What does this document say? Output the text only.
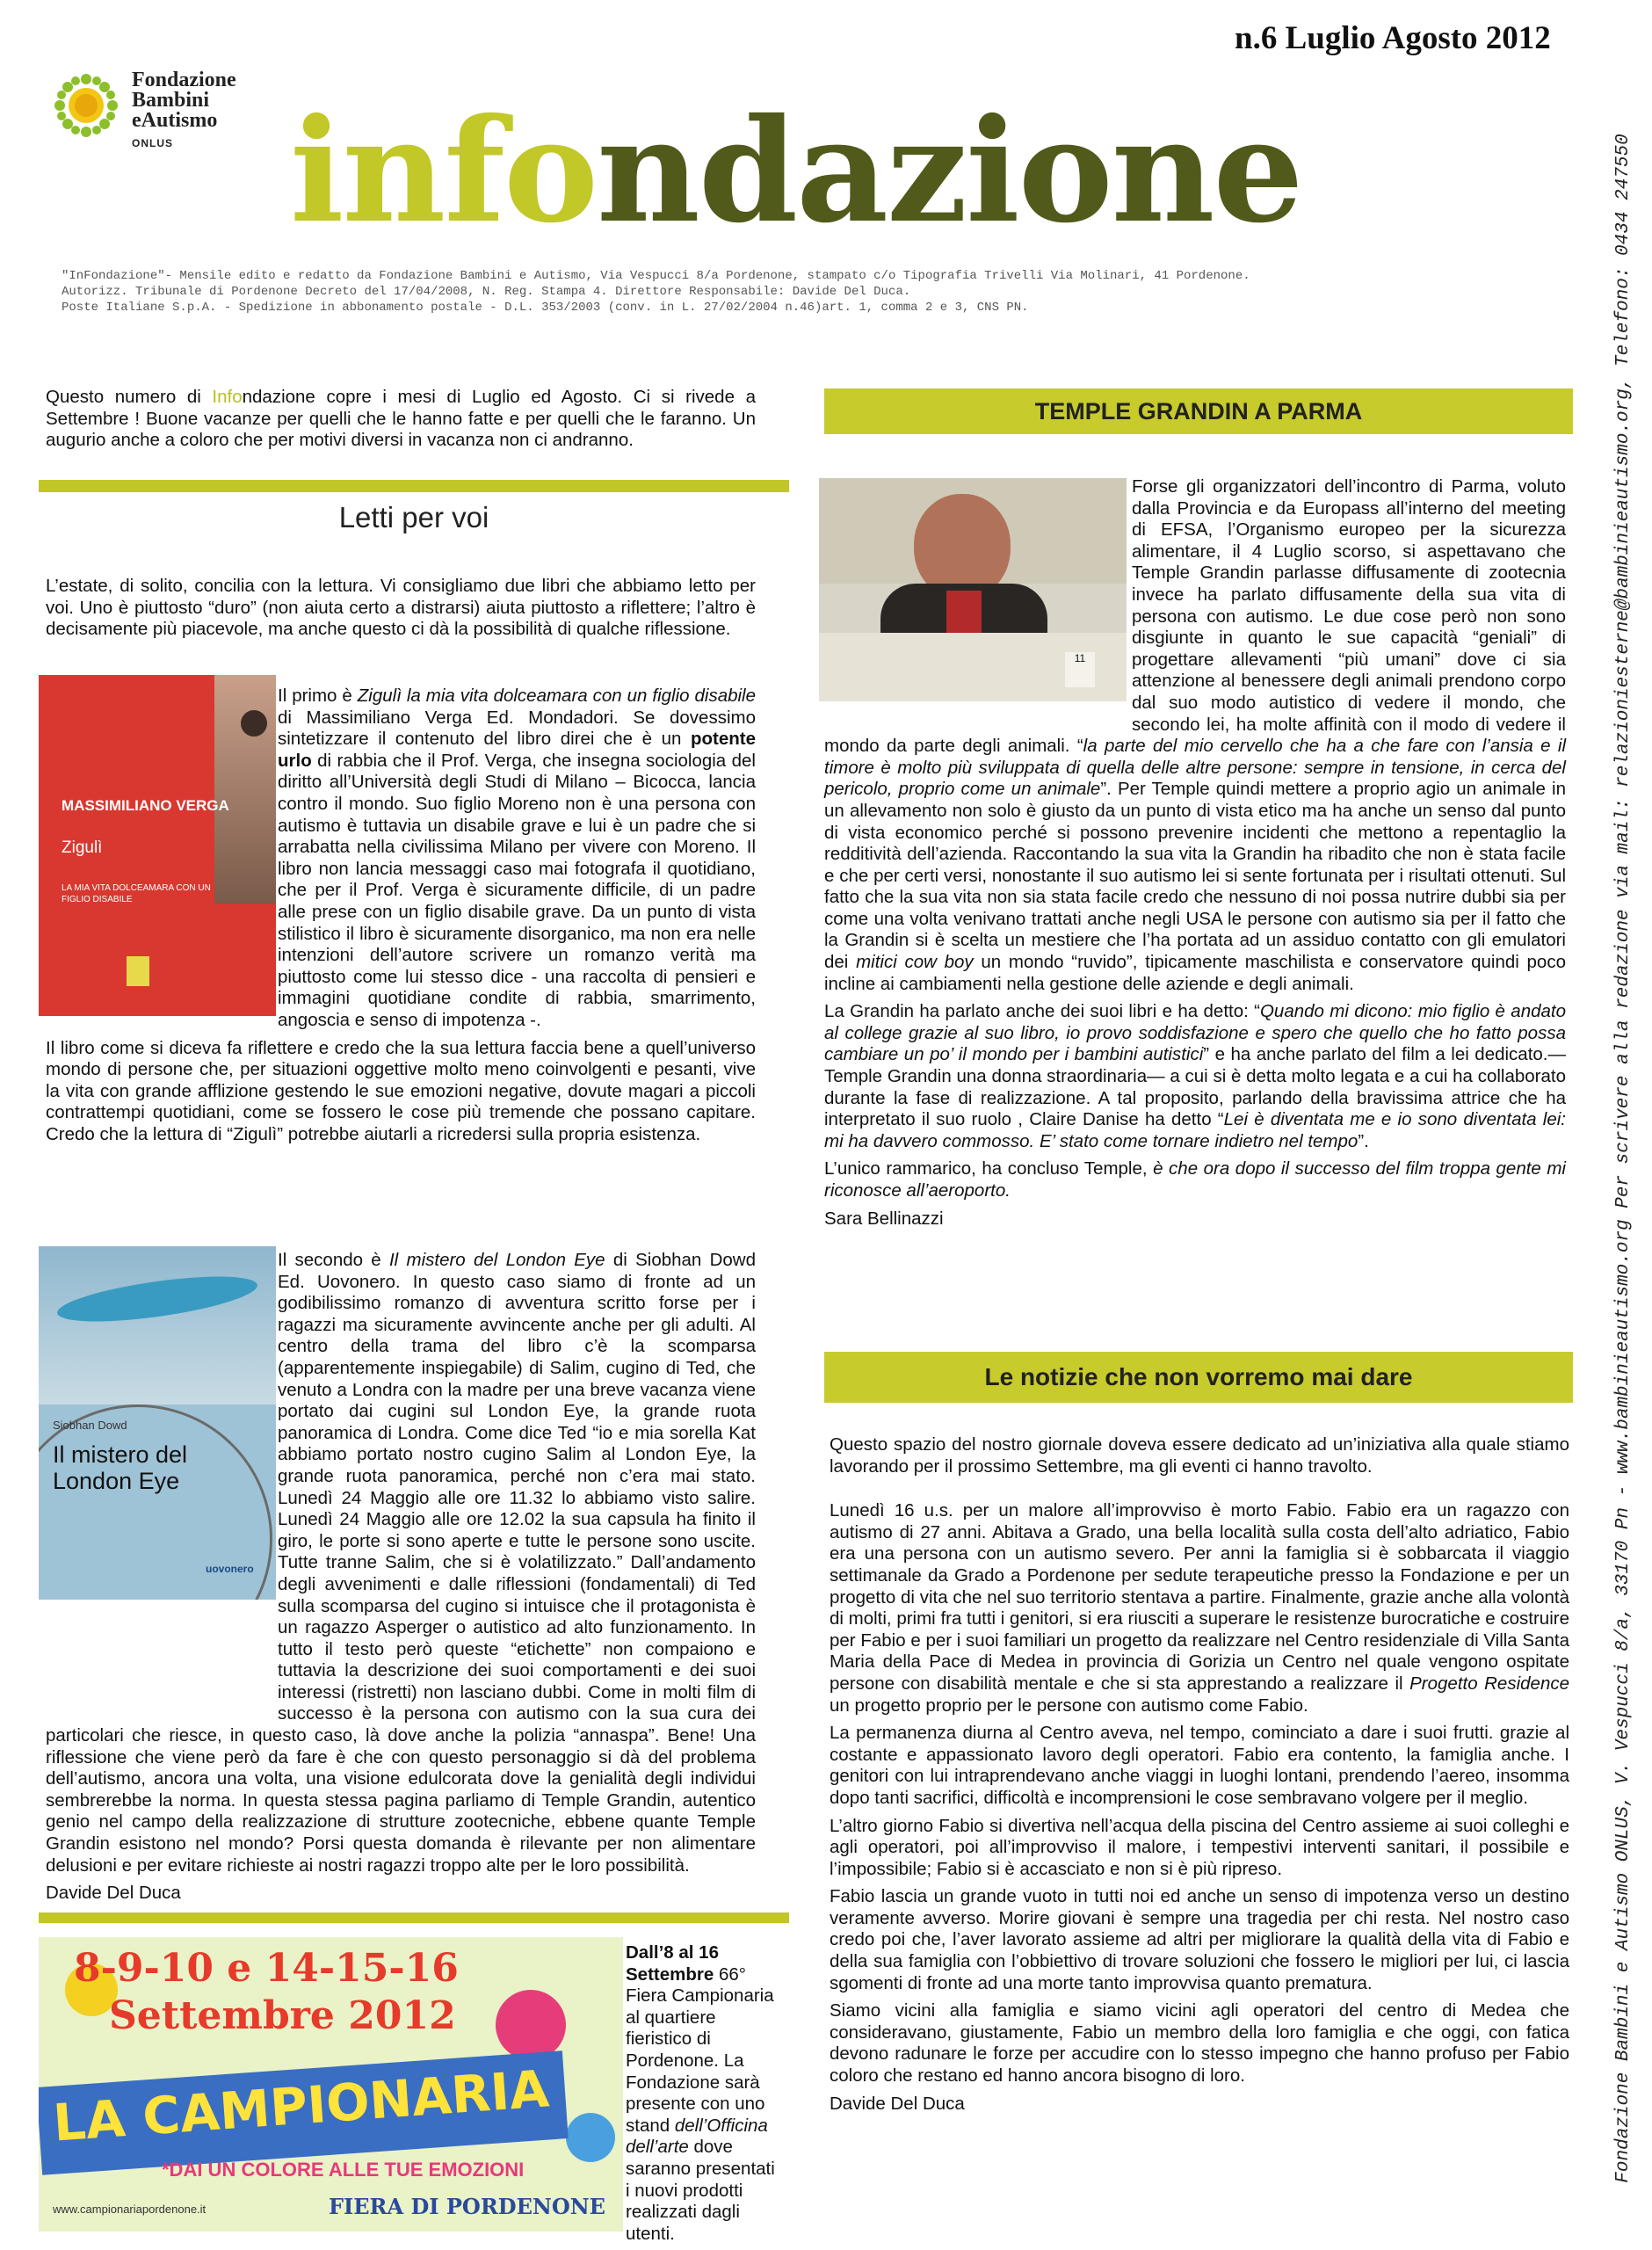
n.6 Luglio Agosto 2012
Fondazione
Bambini
eAutismo
ONLUS infondazione
"InFondazione"- Mensile edito e redatto da Fondazione Bambini e Autismo, Via Vespucci 8/a Pordenone, stampato c/o Tipografia Trivelli Via Molinari, 41 Pordenone.
Autorizz. Tribunale di Pordenone Decreto del 17/04/2008, N. Reg. Stampa 4. Direttore Responsabile: Davide Del Duca.
Poste Italiane S.p.A. - Spedizione in abbonamento postale - D.L. 353/2003 (conv. in L. 27/02/2004 n.46)art. 1, comma 2 e 3, CNS PN.	Fondazione Bambini e Autismo ONLUS, V. Vespucci 8/a, 33170 Pn - www.bambinieautismo.org Per scrivere alla redazione via mail: relazioniesterne@bambinieautismo.org, Telefono: 0434 247550
Questo numero di Infondazione copre i mesi di Luglio ed Agosto. Ci si rivede a Settembre ! Buone vacanze per quelli che le hanno fatte e per quelli che le faranno. Un augurio anche a coloro che per motivi diversi in vacanza non ci andranno.
Letti per voi
L’estate, di solito, concilia con la lettura. Vi consigliamo due libri che abbiamo letto per voi. Uno è piuttosto “duro” (non aiuta certo a distrarsi) aiuta piuttosto a riflettere; l’altro è decisamente più piacevole, ma anche questo ci dà la possibilità di qualche riflessione.
MASSIMILIANO VERGA
Zigulì
LA MIA VITA DOLCEAMARA CON UN FIGLIO DISABILE

Il primo è Zigulì la mia vita dolceamara con un figlio disabile di Massimiliano Verga Ed. Mondadori. Se dovessimo sintetizzare il contenuto del libro direi che è un potente urlo di rabbia che il Prof. Verga, che insegna sociologia del diritto all’Università degli Studi di Milano – Bicocca, lancia contro il mondo. Suo figlio Moreno non è una persona con autismo è tuttavia un disabile grave e lui è un padre che si arrabatta nella civilissima Milano per vivere con Moreno. Il libro non lancia messaggi caso mai fotografa il quotidiano, che per il Prof. Verga è sicuramente difficile, di un padre alle prese con un figlio disabile grave. Da un punto di vista stilistico il libro è sicuramente disorganico, ma non era nelle intenzioni dell’autore scrivere un romanzo verità ma piuttosto come lui stesso dice - una raccolta di pensieri e immagini quotidiane condite di rabbia, smarrimento, angoscia e senso di impotenza -.

Il libro come si diceva fa riflettere e credo che la sua lettura faccia bene a quell’universo mondo di persone che, per situazioni oggettive molto meno coinvolgenti e pesanti, vive la vita con grande afflizione gestendo le sue emozioni negative, dovute magari a piccoli contrattempi quotidiani, come se fossero le cose più tremende che possano capitare. Credo che la lettura di “Zigulì” potrebbe aiutarli a ricredersi sulla propria esistenza.

Siobhan Dowd
Il mistero del London Eye
uovonero

Il secondo è Il mistero del London Eye di Siobhan Dowd Ed. Uovonero. In questo caso siamo di fronte ad un godibilissimo romanzo di avventura scritto forse per i ragazzi ma sicuramente avvincente anche per gli adulti. Al centro della trama del libro c’è la scomparsa (apparentemente inspiegabile) di Salim, cugino di Ted, che venuto a Londra con la madre per una breve vacanza viene portato dai cugini sul London Eye, la grande ruota panoramica di Londra. Come dice Ted “io e mia sorella Kat abbiamo portato nostro cugino Salim al London Eye, la grande ruota panoramica, perché non c’era mai stato. Lunedì 24 Maggio alle ore 11.32 lo abbiamo visto salire. Lunedì 24 Maggio alle ore 12.02 la sua capsula ha finito il giro, le porte si sono aperte e tutte le persone sono uscite. Tutte tranne Salim, che si è volatilizzato.” Dall’andamento degli avvenimenti e dalle riflessioni (fondamentali) di Ted sulla scomparsa del cugino si intuisce che il protagonista è un ragazzo Asperger o autistico ad alto funzionamento. In tutto il testo però queste “etichette” non compaiono e tuttavia la descrizione dei suoi comportamenti e dei suoi interessi (ristretti) non lasciano dubbi. Come in molti film di successo è la persona con autismo con la sua cura dei particolari che riesce, in questo caso, là dove anche la polizia “annaspa”. Bene! Una riflessione che viene però da fare è che con questo personaggio si dà del problema dell’autismo, ancora una volta, una visione edulcorata dove la genialità degli individui sembrerebbe la norma. In questa stessa pagina parliamo di Temple Grandin, autentico genio nel campo della realizzazione di strutture zootecniche, ebbene quante Temple Grandin esistono nel mondo? Porsi questa domanda è rilevante per non alimentare delusioni e per evitare richieste ai nostri ragazzi troppo alte per le loro possibilità.

Davide Del Duca
8-9-10 e 14-15-16
Settembre 2012
LA CAMPIONARIA
*DAI UN COLORE ALLE TUE EMOZIONI
www.campionariapordenone.it	FIERA DI PORDENONE
Dall’8 al 16 Settembre 66° Fiera Campionaria al quartiere fieristico di Pordenone. La Fondazione sarà presente con uno stand dell’Officina dell’arte dove saranno presentati i nuovi prodotti realizzati dagli utenti.
TEMPLE GRANDIN A PARMA
11

Forse gli organizzatori dell’incontro di Parma, voluto dalla Provincia e da Europass all’interno del meeting di EFSA, l’Organismo europeo per la sicurezza alimentare, il 4 Luglio scorso, si aspettavano che Temple Grandin parlasse diffusamente di zootecnia invece ha parlato diffusamente della sua vita di persona con autismo. Le due cose però non sono disgiunte in quanto le sue capacità “geniali” di progettare allevamenti “più umani” dove ci sia attenzione al benessere degli animali prendono corpo dal suo modo autistico di vedere il mondo, che secondo lei, ha molte affinità con il modo di vedere il mondo da parte degli animali. “la parte del mio cervello che ha a che fare con l’ansia e il timore è molto più sviluppata di quella delle altre persone: sempre in tensione, in cerca del pericolo, proprio come un animale”. Per Temple quindi mettere a proprio agio un animale in un allevamento non solo è giusto da un punto di vista etico ma ha anche un senso dal punto di vista economico perché si possono prevenire incidenti che mettono a repentaglio la redditività dell’azienda. Raccontando la sua vita la Grandin ha ribadito che non è stata facile e che per certi versi, nonostante il suo autismo lei si sente fortunata per i risultati ottenuti. Sul fatto che la sua vita non sia stata facile credo che nessuno di noi possa nutrire dubbi sia per come una volta venivano trattati anche negli USA le persone con autismo sia per il fatto che la Grandin si è scelta un mestiere che l’ha portata ad un assiduo contatto con gli emulatori dei mitici cow boy un mondo “ruvido”, tipicamente maschilista e conservatore quindi poco incline ai cambiamenti nella gestione delle aziende e degli animali.

La Grandin ha parlato anche dei suoi libri e ha detto: “Quando mi dicono: mio figlio è andato al college grazie al suo libro, io provo soddisfazione e spero che quello che ho fatto possa cambiare un po’ il mondo per i bambini autistici” e ha anche parlato del film a lei dedicato.—Temple Grandin una donna straordinaria— a cui si è detta molto legata e a cui ha collaborato durante la fase di realizzazione. A tal proposito, parlando della bravissima attrice che ha interpretato il suo ruolo , Claire Danise ha detto “Lei è diventata me e io sono diventata lei: mi ha davvero commosso. E’ stato come tornare indietro nel tempo”.

L’unico rammarico, ha concluso Temple, è che ora dopo il successo del film troppa gente mi riconosce all’aeroporto.

Sara Bellinazzi
Le notizie che non vorremo mai dare

Questo spazio del nostro giornale doveva essere dedicato ad un’iniziativa alla quale stiamo lavorando per il prossimo Settembre, ma gli eventi ci hanno travolto.

Lunedì 16 u.s. per un malore all’improvviso è morto Fabio. Fabio era un ragazzo con autismo di 27 anni. Abitava a Grado, una bella località sulla costa dell’alto adriatico, Fabio era una persona con un autismo severo. Per anni la famiglia si è sobbarcata il viaggio settimanale da Grado a Pordenone per sedute terapeutiche presso la Fondazione e per un progetto di vita che nel suo territorio stentava a partire. Finalmente, grazie anche alla volontà di molti, primi fra tutti i genitori, si era riusciti a superare le resistenze burocratiche e costruire per Fabio e per i suoi familiari un progetto da realizzare nel Centro residenziale di Villa Santa Maria della Pace di Medea in provincia di Gorizia un Centro nel quale vengono ospitate persone con disabilità mentale e che si sta apprestando a realizzare il Progetto Residence un progetto proprio per le persone con autismo come Fabio.

La permanenza diurna al Centro aveva, nel tempo, cominciato a dare i suoi frutti. grazie al costante e appassionato lavoro degli operatori. Fabio era contento, la famiglia anche. I genitori con lui intraprendevano anche viaggi in luoghi lontani, prendendo l’aereo, insomma dopo tanti sacrifici, difficoltà e incomprensioni le cose sembravano volgere per il meglio.

L’altro giorno Fabio si divertiva nell’acqua della piscina del Centro assieme ai suoi colleghi e agli operatori, poi all’improvviso il malore, i tempestivi interventi sanitari, il possibile e l’impossibile; Fabio si è accasciato e non si è più ripreso.

Fabio lascia un grande vuoto in tutti noi ed anche un senso di impotenza verso un destino veramente avverso. Morire giovani è sempre una tragedia per chi resta. Nel nostro caso credo poi che, l’aver lavorato assieme ad altri per migliorare la qualità della vita di Fabio e della sua famiglia con l’obbiettivo di trovare soluzioni che fossero le migliori per lui, ci lascia sgomenti di fronte ad una morte tanto improvvisa quanto prematura.

Siamo vicini alla famiglia e siamo vicini agli operatori del centro di Medea che consideravano, giustamente, Fabio un membro della loro famiglia e che oggi, con fatica devono radunare le forze per accudire con lo stesso impegno che hanno profuso per Fabio coloro che restano ed hanno ancora bisogno di loro.

Davide Del Duca
